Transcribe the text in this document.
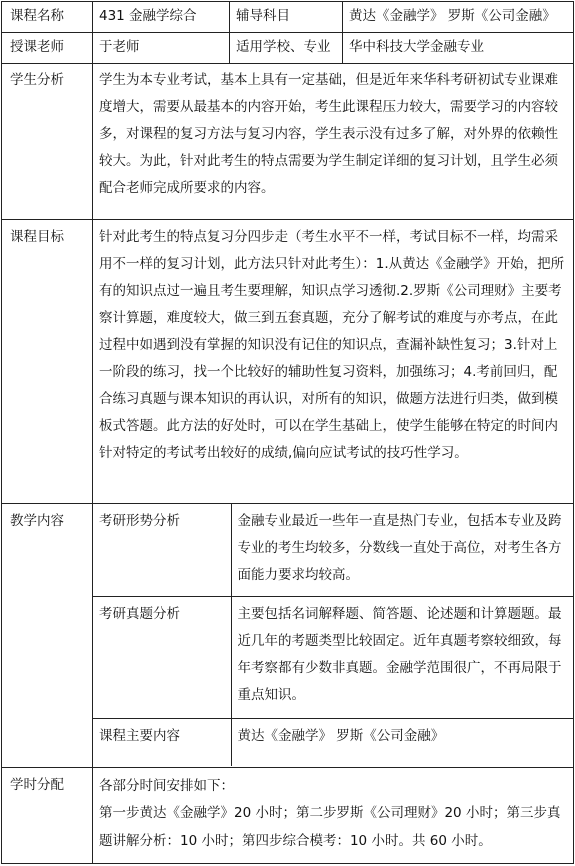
课程名称	431 金融学综合	辅导科目	黄达《金融学》 罗斯《公司金融》
授课老师	于老师	适用学校、专业	华中科技大学金融专业
学生分析	学生为本专业考试，基本上具有一定基础，但是近年来华科考研初试专业课难度增大，需要从最基本的内容开始，考生此课程压力较大，需要学习的内容较多，对课程的复习方法与复习内容，学生表示没有过多了解，对外界的依赖性较大。为此，针对此考生的特点需要为学生制定详细的复习计划，且学生必须配合老师完成所要求的内容。
课程目标	针对此考生的特点复习分四步走（考生水平不一样，考试目标不一样，均需采用不一样的复习计划，此方法只针对此考生）：1.从黄达《金融学》开始，把所有的知识点过一遍且考生要理解，知识点学习透彻.2.罗斯《公司理财》主要考察计算题，难度较大，做三到五套真题，充分了解考试的难度与亦考点，在此过程中如遇到没有掌握的知识没有记住的知识点，查漏补缺性复习；3.针对上一阶段的练习，找一个比较好的辅助性复习资料，加强练习；4.考前回归，配合练习真题与课本知识的再认识，对所有的知识，做题方法进行归类，做到模板式答题。此方法的好处时，可以在学生基础上，使学生能够在特定的时间内针对特定的考试考出较好的成绩,偏向应试考试的技巧性学习。
教学内容		考研形势分析	金融专业最近一些年一直是热门专业，包括本专业及跨专业的考生均较多，分数线一直处于高位，对考生各方面能力要求均较高。
考研真题分析	主要包括名词解释题、简答题、论述题和计算题题。最近几年的考题类型比较固定。近年真题考察较细致，每年考察都有少数非真题。金融学范围很广，不再局限于重点知识。
课程主要内容	黄达《金融学》 罗斯《公司金融》

学时分配	各部分时间安排如下：

第一步黄达《金融学》20 小时；第二步罗斯《公司理财》20 小时；第三步真题讲解分析：10 小时；第四步综合模考：10 小时。共 60 小时。
